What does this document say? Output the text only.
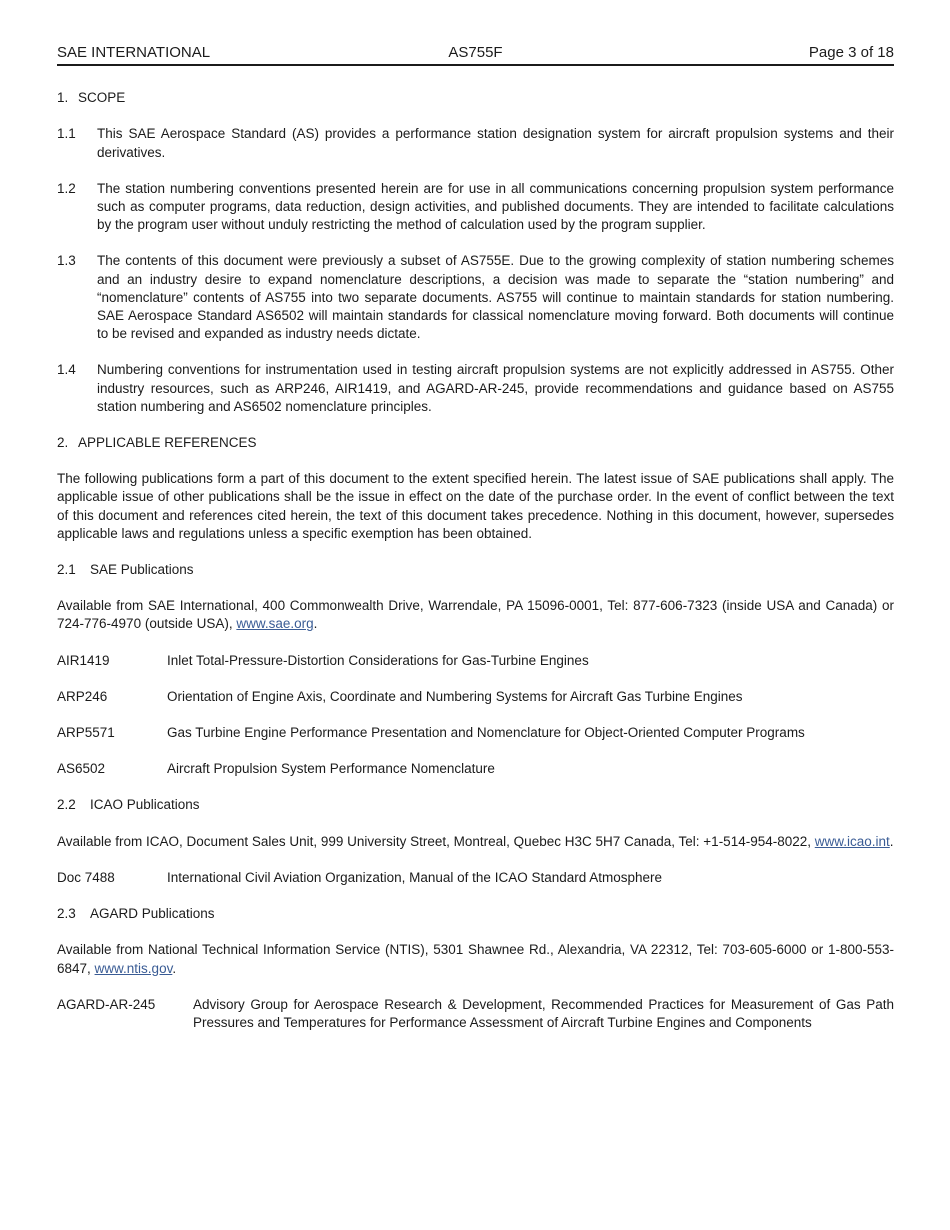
SAE INTERNATIONAL	AS755F	Page 3 of 18
1. SCOPE
1.1	This SAE Aerospace Standard (AS) provides a performance station designation system for aircraft propulsion systems and their derivatives.
1.2	The station numbering conventions presented herein are for use in all communications concerning propulsion system performance such as computer programs, data reduction, design activities, and published documents. They are intended to facilitate calculations by the program user without unduly restricting the method of calculation used by the program supplier.
1.3	The contents of this document were previously a subset of AS755E. Due to the growing complexity of station numbering schemes and an industry desire to expand nomenclature descriptions, a decision was made to separate the “station numbering” and “nomenclature” contents of AS755 into two separate documents. AS755 will continue to maintain standards for station numbering. SAE Aerospace Standard AS6502 will maintain standards for classical nomenclature moving forward. Both documents will continue to be revised and expanded as industry needs dictate.
1.4	Numbering conventions for instrumentation used in testing aircraft propulsion systems are not explicitly addressed in AS755. Other industry resources, such as ARP246, AIR1419, and AGARD-AR-245, provide recommendations and guidance based on AS755 station numbering and AS6502 nomenclature principles.
2. APPLICABLE REFERENCES
The following publications form a part of this document to the extent specified herein. The latest issue of SAE publications shall apply. The applicable issue of other publications shall be the issue in effect on the date of the purchase order. In the event of conflict between the text of this document and references cited herein, the text of this document takes precedence. Nothing in this document, however, supersedes applicable laws and regulations unless a specific exemption has been obtained.
2.1	SAE Publications
Available from SAE International, 400 Commonwealth Drive, Warrendale, PA 15096-0001, Tel: 877-606-7323 (inside USA and Canada) or 724-776-4970 (outside USA), www.sae.org.
AIR1419	Inlet Total-Pressure-Distortion Considerations for Gas-Turbine Engines
ARP246	Orientation of Engine Axis, Coordinate and Numbering Systems for Aircraft Gas Turbine Engines
ARP5571	Gas Turbine Engine Performance Presentation and Nomenclature for Object-Oriented Computer Programs
AS6502	Aircraft Propulsion System Performance Nomenclature
2.2	ICAO Publications
Available from ICAO, Document Sales Unit, 999 University Street, Montreal, Quebec H3C 5H7 Canada, Tel: +1-514-954-8022, www.icao.int.
Doc 7488	International Civil Aviation Organization, Manual of the ICAO Standard Atmosphere
2.3	AGARD Publications
Available from National Technical Information Service (NTIS), 5301 Shawnee Rd., Alexandria, VA 22312, Tel: 703-605-6000 or 1-800-553-6847, www.ntis.gov.
AGARD-AR-245	Advisory Group for Aerospace Research & Development, Recommended Practices for Measurement of Gas Path Pressures and Temperatures for Performance Assessment of Aircraft Turbine Engines and Components
